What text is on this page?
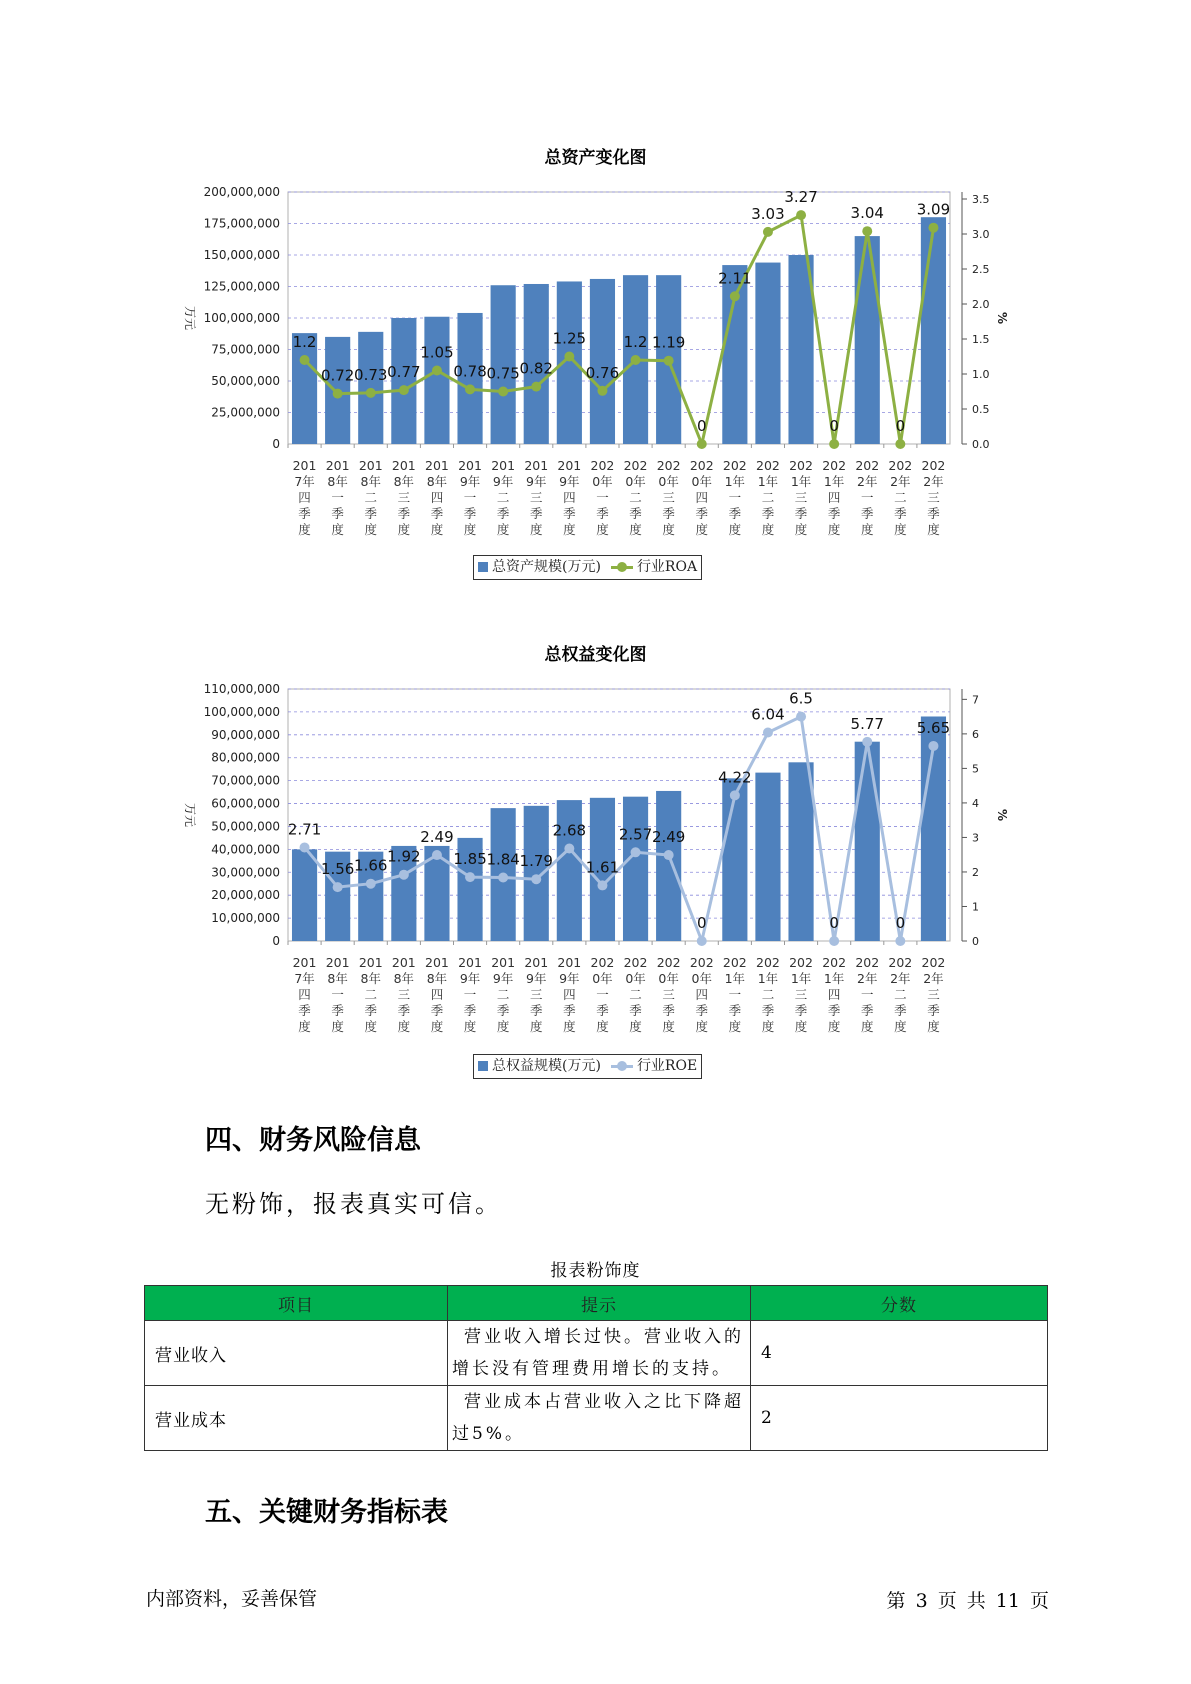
总资产变化图
0
25,000,000
50,000,000
75,000,000
100,000,000
125,000,000
150,000,000
175,000,000
200,000,000
0.0
0.5
1.0
1.5
2.0
2.5
3.0
3.5
万元	%
1.2
0.72 0.73 0.77
1.05
0.78 0.75 0.82
1.25
0.76
1.2 1.19
0
2.11
3.03
3.27
0
3.04
0
3.09
201
7年
四
季
度
201
8年
一
季
度
201
8年
二
季
度
201
8年
三
季
度
201
8年
四
季
度
201
9年
一
季
度
201
9年
二
季
度
201
9年
三
季
度
201
9年
四
季
度
202
0年
一
季
度
202
0年
二
季
度
202
0年
三
季
度
202
0年
四
季
度
202
1年
一
季
度
202
1年
二
季
度
202
1年
三
季
度
202
1年
四
季
度
202
2年
一
季
度
202
2年
二
季
度
202
2年
三
季
度
总资产规模(万元)	行业ROA
总权益变化图
0
10,000,000
20,000,000
30,000,000
40,000,000
50,000,000
60,000,000
70,000,000
80,000,000
90,000,000
100,000,000
110,000,000
0
1
2
3
4
5
6
7
万元	%
2.71
1.56 1.66 1.92
2.49
1.85 1.84 1.79
2.68
1.61
2.57 2.49
0
4.22
6.04
6.5
0
5.77
0
5.65
201
7年
四
季
度
201
8年
一
季
度
201
8年
二
季
度
201
8年
三
季
度
201
8年
四
季
度
201
9年
一
季
度
201
9年
二
季
度
201
9年
三
季
度
201
9年
四
季
度
202
0年
一
季
度
202
0年
二
季
度
202
0年
三
季
度
202
0年
四
季
度
202
1年
一
季
度
202
1年
二
季
度
202
1年
三
季
度
202
1年
四
季
度
202
2年
一
季
度
202
2年
二
季
度
202
2年
三
季
度
总权益规模(万元)	行业ROE
四、财务风险信息
无粉饰，报表真实可信。
报表粉饰度
项目	提示	分数
营业收入	营业收入增长过快。营业收入的增长没有管理费用增长的支持。	4
营业成本	营业成本占营业收入之比下降超过5%。	2
五、关键财务指标表
内部资料，妥善保管	第 3 页 共 11 页
